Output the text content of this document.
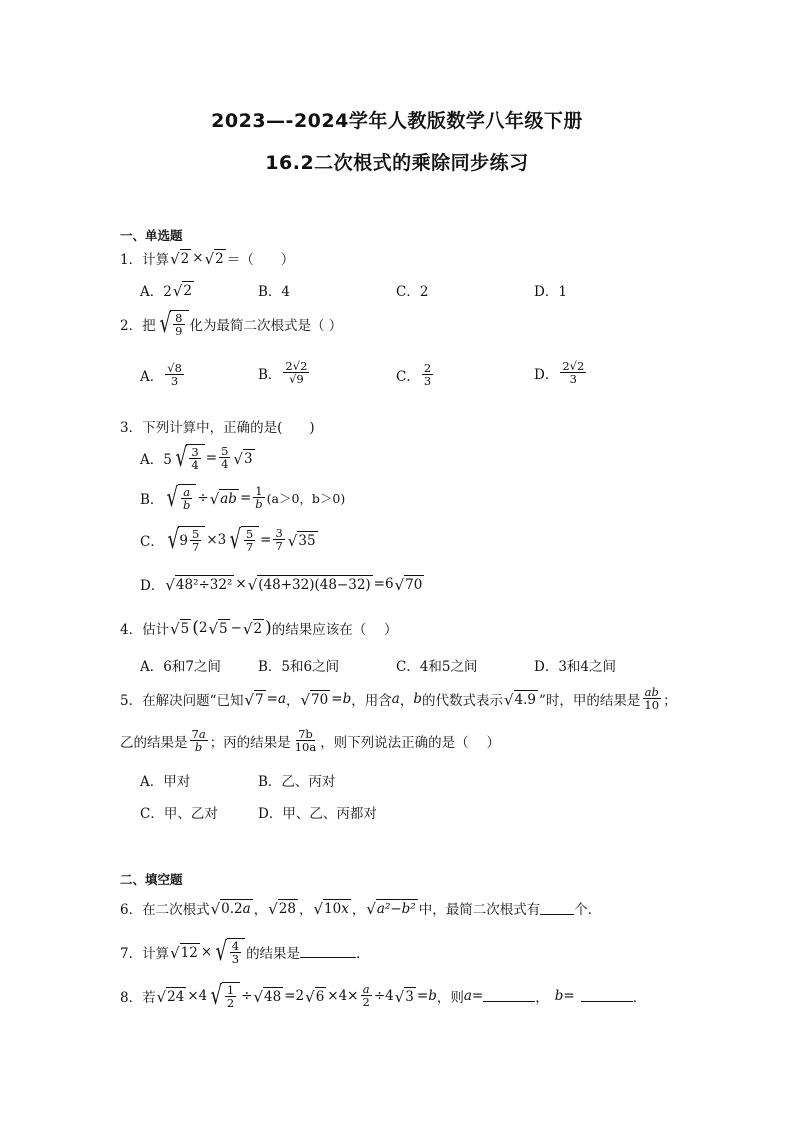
2023—-2024学年人教版数学八年级下册
16.2二次根式的乘除同步练习
一、单选题
1．计算 √ 2 × √ 2 ＝（　　）
A．2 √ 2	B．4	C．2	D．1
2．把 √ $\frac{8}{9}$ 化为最简二次根式是（ ）
A． $\frac{√8}{3}$	B． $\frac{2√2}{√9}$	C． $\frac{2}{3}$	D． $\frac{2√2}{3}$
3．下列计算中，正确的是(　　)
A．5 √ $\frac{3}{4} = \frac{5}{4}$ √ 3
B． √ $\frac{a}{b}$ ÷ √ ab = $\frac{1}{b} (a>0$，b＞0)
C． √ $9 \frac{5}{7} \times 3$ √ $\frac{5}{7} = \frac{3}{7}$ √ 35
D． √ 48²÷32² × √ (48+32)(48−32) =6 √ 70
4．估计 √ 5 ( 2 √ 5 − √ 2 ) 的结果应该在（　 ）
A．6和7之间	B．5和6之间	C．4和5之间	D．3和4之间
5．在解决问题“已知 √ 7 = a ， √ 70 = b ，用含 a ， b 的代数式表示 √ 4.9 ”时，甲的结果是 $\frac{ab}{10}$ ；
乙的结果是 $\frac{7a}{b}$ ；丙的结果是 $\frac{7b}{10a}$ ，则下列说法正确的是（　 ）
A．甲对	B．乙、丙对
C．甲、乙对	D．甲、乙、丙都对
二、填空题
6．在二次根式 √ 0.2 a ， √ 28 ， √ 10 x ， √ a²−b² 中，最简二次根式有	个．
7．计算 √ 12 × √ $\frac{4}{3}$ 的结果是	．
8．若 √ 24 ×4 √ $\frac{1}{2}$ ÷ √ 48 =2 √ $6 \times 4\times \frac{a}{2} \div 4$ √ 3 = b ，则 a =	， b =	．
